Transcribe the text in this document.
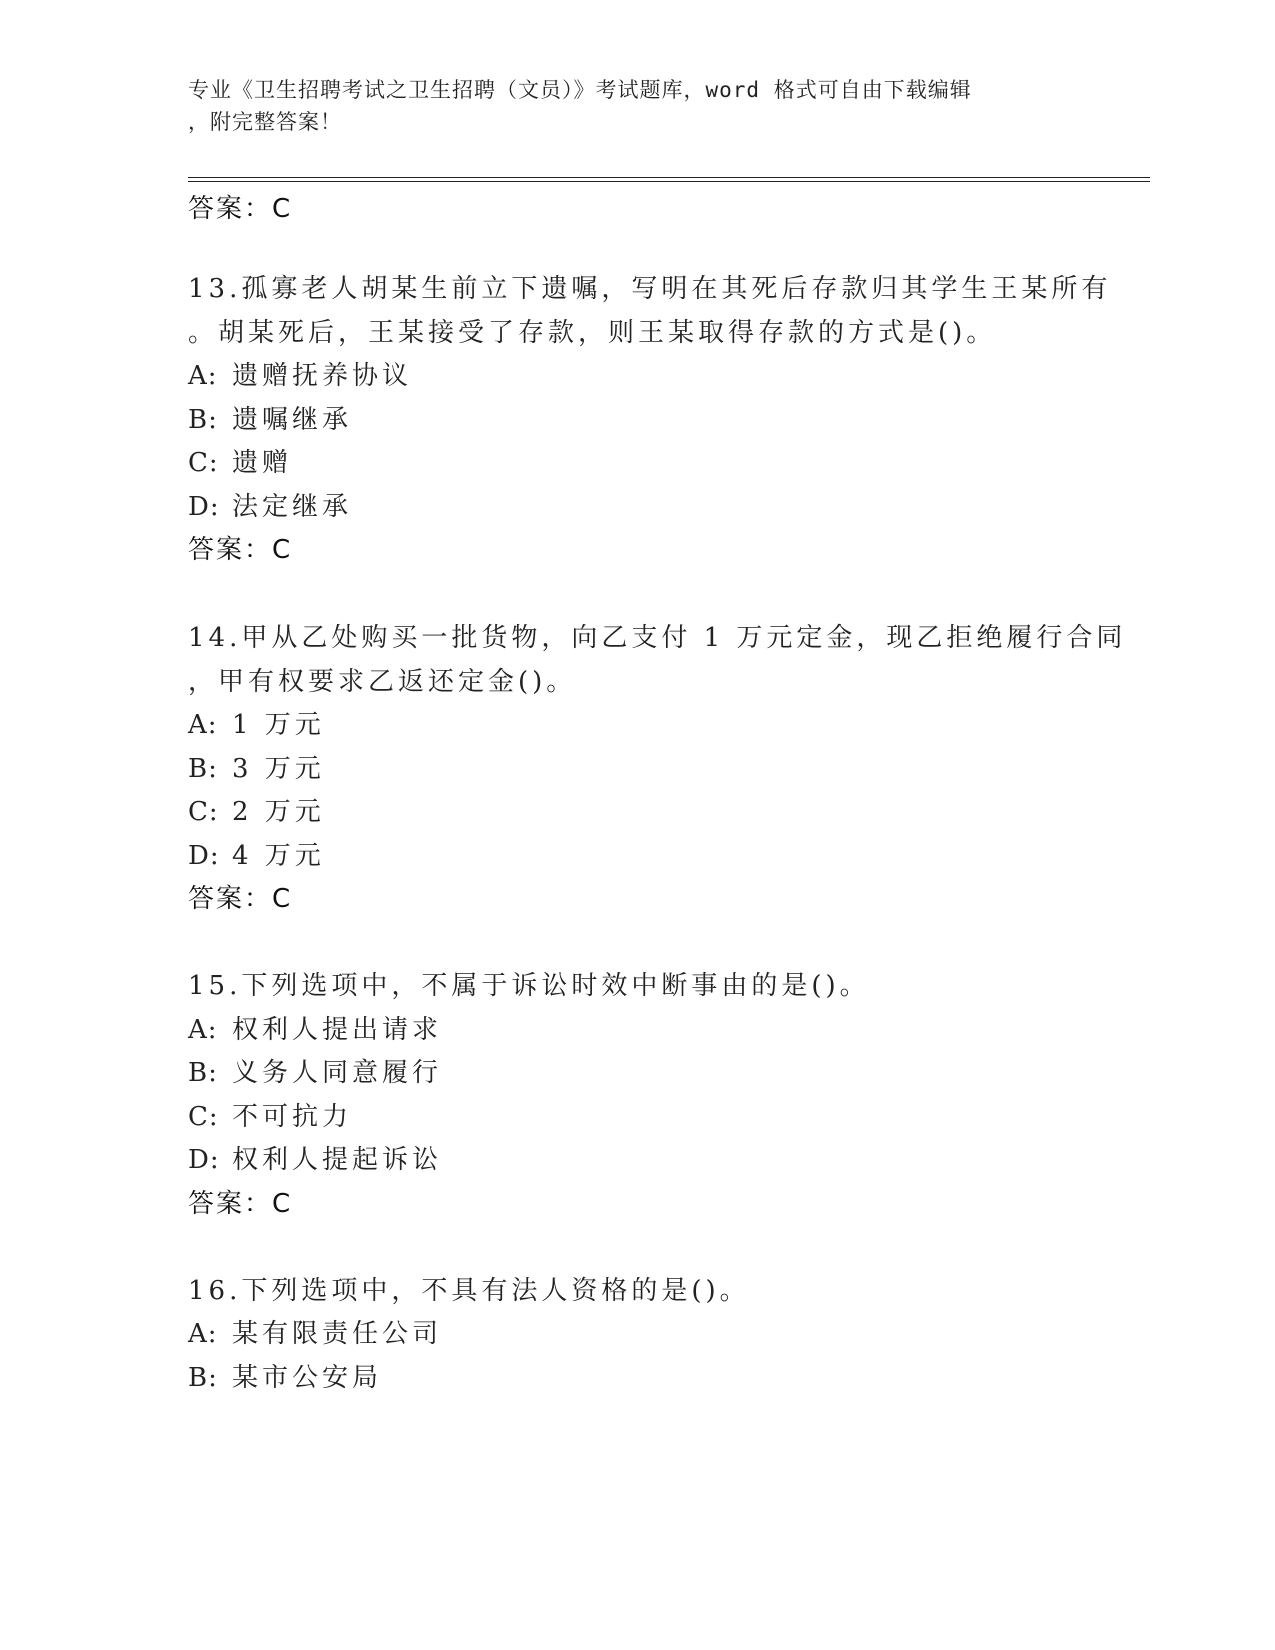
专业《卫生招聘考试之卫生招聘（文员）》考试题库，word 格式可自由下载编辑
，附完整答案！
答案：C
13.孤寡老人胡某生前立下遗嘱，写明在其死后存款归其学生王某所有
。胡某死后，王某接受了存款，则王某取得存款的方式是()。
A: 遗赠抚养协议
B: 遗嘱继承
C: 遗赠
D: 法定继承
答案：C
14.甲从乙处购买一批货物，向乙支付 1 万元定金，现乙拒绝履行合同
，甲有权要求乙返还定金()。
A: 1 万元
B: 3 万元
C: 2 万元
D: 4 万元
答案：C
15.下列选项中，不属于诉讼时效中断事由的是()。
A: 权利人提出请求
B: 义务人同意履行
C: 不可抗力
D: 权利人提起诉讼
答案：C
16.下列选项中，不具有法人资格的是()。
A: 某有限责任公司
B: 某市公安局
